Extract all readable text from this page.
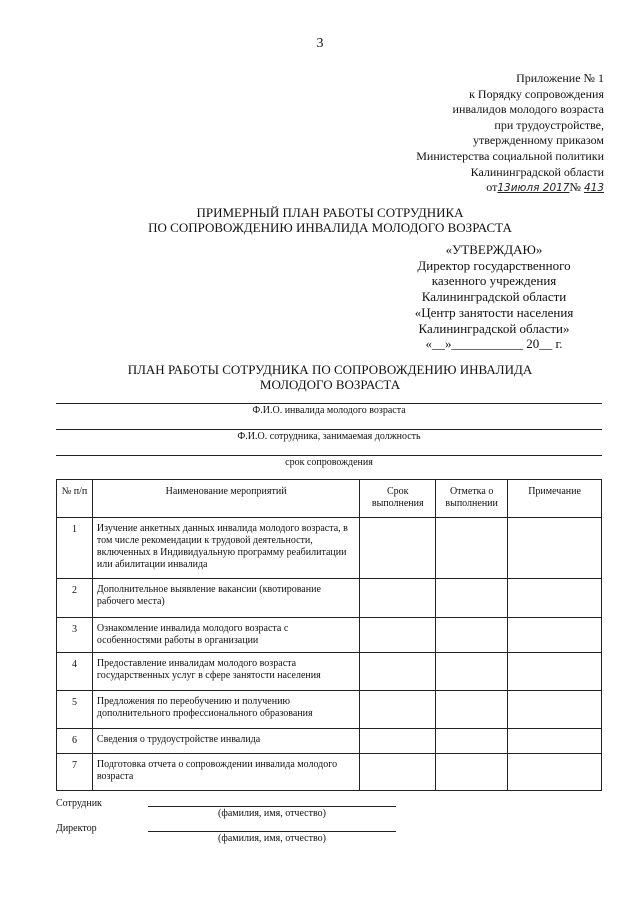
3
Приложение № 1
к Порядку сопровождения
инвалидов молодого возраста
при трудоустройстве,
утвержденному приказом
Министерства социальной политики
Калининградской области
от13июля 2017№ 413
ПРИМЕРНЫЙ ПЛАН РАБОТЫ СОТРУДНИКА
ПО СОПРОВОЖДЕНИЮ ИНВАЛИДА МОЛОДОГО ВОЗРАСТА
«УТВЕРЖДАЮ»
Директор государственного
казенного учреждения
Калининградской области
«Центр занятости населения
Калининградской области»
«__»___________ 20__ г.
ПЛАН РАБОТЫ СОТРУДНИКА ПО СОПРОВОЖДЕНИЮ ИНВАЛИДА
МОЛОДОГО ВОЗРАСТА
Ф.И.О. инвалида молодого возраста
Ф.И.О. сотрудника, занимаемая должность
срок сопровождения
№ п/п	Наименование мероприятий	Срок выполнения	Отметка о выполнении	Примечание
1	Изучение анкетных данных инвалида молодого возраста, в том числе рекомендации к трудовой деятельности, включенных в Индивидуальную программу реабилитации или абилитации инвалида			
2	Дополнительное выявление вакансии (квотирование рабочего места)			
3	Ознакомление инвалида молодого возраста с особенностями работы в организации			
4	Предоставление инвалидам молодого возраста государственных услуг в сфере занятости населения			
5	Предложения по переобучению и получению дополнительного профессионального образования			
6	Сведения о трудоустройстве инвалида			
7	Подготовка отчета о сопровождении инвалида молодого возраста			
Сотрудник
(фамилия, имя, отчество)
Директор
(фамилия, имя, отчество)
